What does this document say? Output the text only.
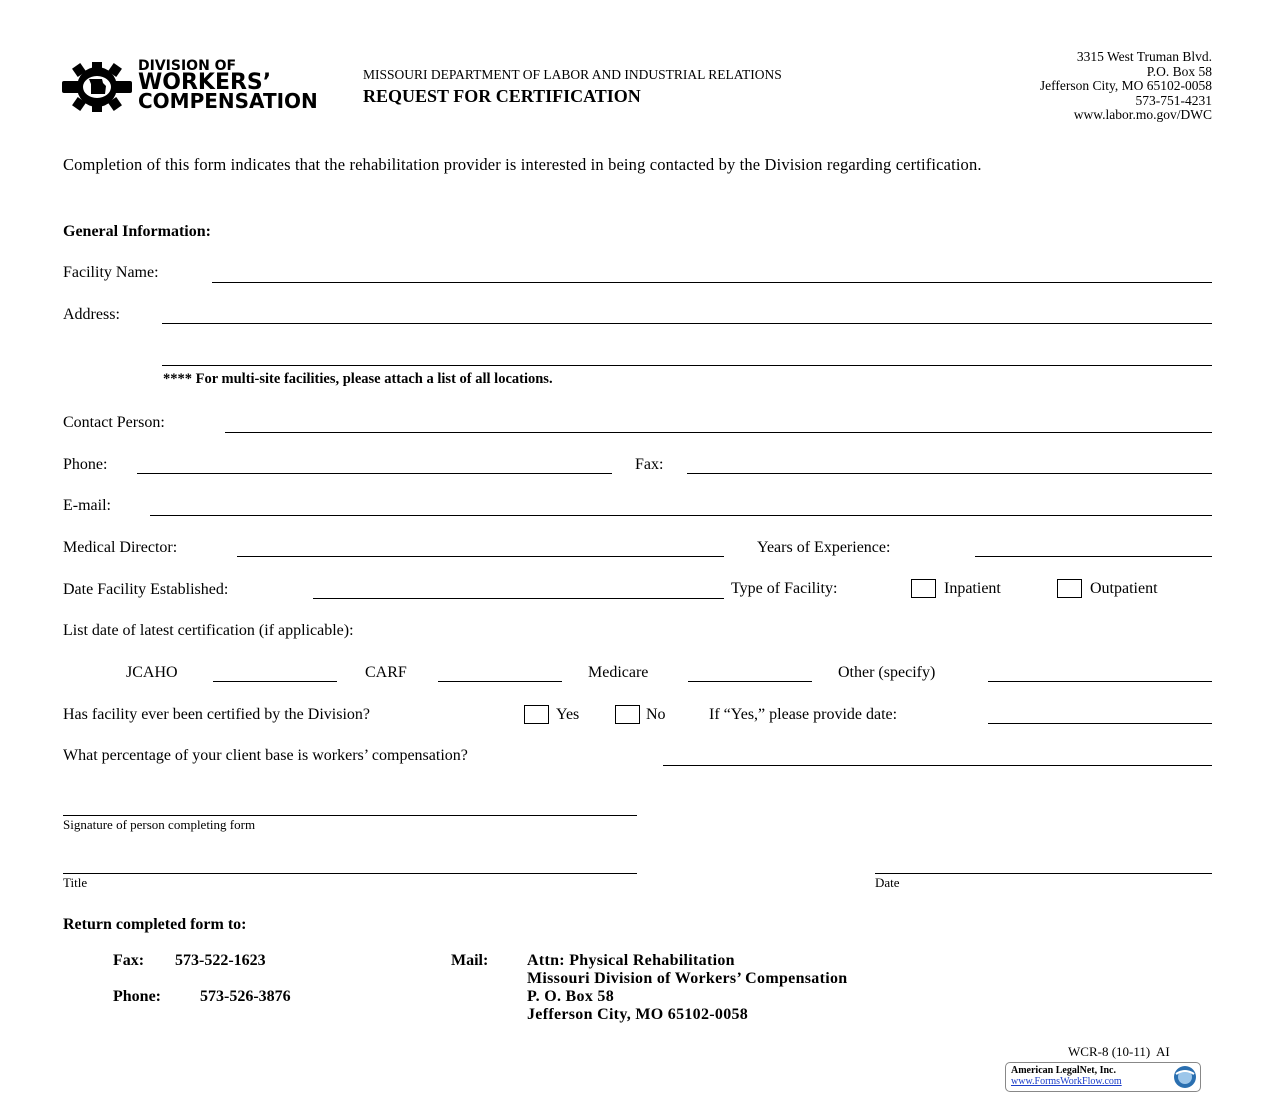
DIVISION OF
WORKERS’
COMPENSATION
MISSOURI DEPARTMENT OF LABOR AND INDUSTRIAL RELATIONS
REQUEST FOR CERTIFICATION
3315 West Truman Blvd.
P.O. Box 58
Jefferson City, MO 65102-0058
573-751-4231
www.labor.mo.gov/DWC
Completion of this form indicates that the rehabilitation provider is interested in being contacted by the Division regarding certification.
General Information:
Facility Name:
Address:
**** For multi-site facilities, please attach a list of all locations.
Contact Person:
Phone:	Fax:
E-mail:
Medical Director:	Years of Experience:
Date Facility Established:	Type of Facility:	Inpatient	Outpatient
List date of latest certification (if applicable):
JCAHO	CARF	Medicare	Other (specify)
Has facility ever been certified by the Division?	Yes	No	If “Yes,” please provide date:
What percentage of your client base is workers’ compensation?
Signature of person completing form
Title	Date
Return completed form to:
Fax: 573-522-1623
Phone: 573-526-3876
Mail: Attn: Physical Rehabilitation
Missouri Division of Workers’ Compensation
P. O. Box 58
Jefferson City, MO 65102-0058
WCR-8 (10-11)  AI
American LegalNet, Inc.
www.FormsWorkFlow.com
